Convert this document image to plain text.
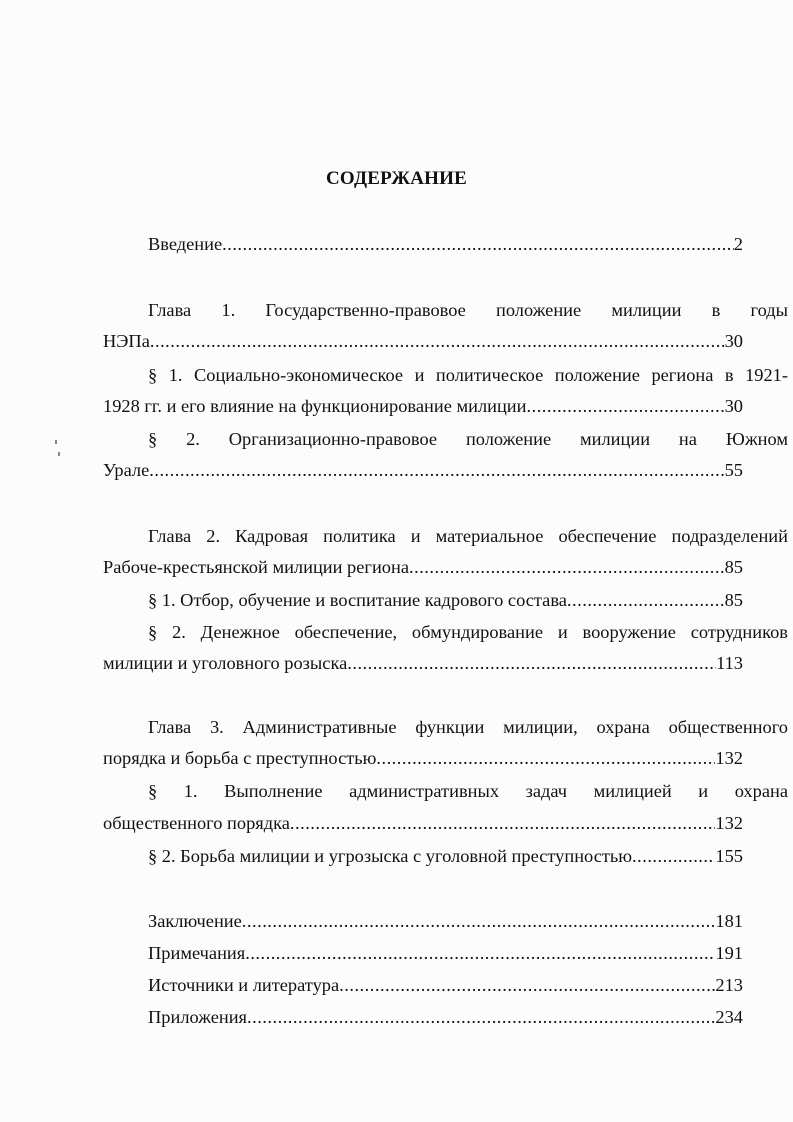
СОДЕРЖАНИЕ
Введение .....	2
Глава 1. Государственно-правовое положение милиции в годы
НЭПа .....	30
§ 1. Социально-экономическое и политическое положение региона в 1921-
1928 гг. и его влияние на функционирование милиции .....	30
§ 2. Организационно-правовое положение милиции на Южном
Урале .....	55
Глава 2. Кадровая политика и материальное обеспечение подразделений
Рабоче-крестьянской милиции региона .....	85
§ 1. Отбор, обучение и воспитание кадрового состава .....	85
§ 2. Денежное обеспечение, обмундирование и вооружение сотрудников
милиции и уголовного розыска .....	113
Глава 3. Административные функции милиции, охрана общественного
порядка и борьба с преступностью .....	132
§ 1. Выполнение административных задач милицией и охрана
общественного порядка .....	132
§ 2. Борьба милиции и угрозыска с уголовной преступностью .....	155
Заключение .....	181
Примечания .....	191
Источники и литература .....	213
Приложения .....	234
